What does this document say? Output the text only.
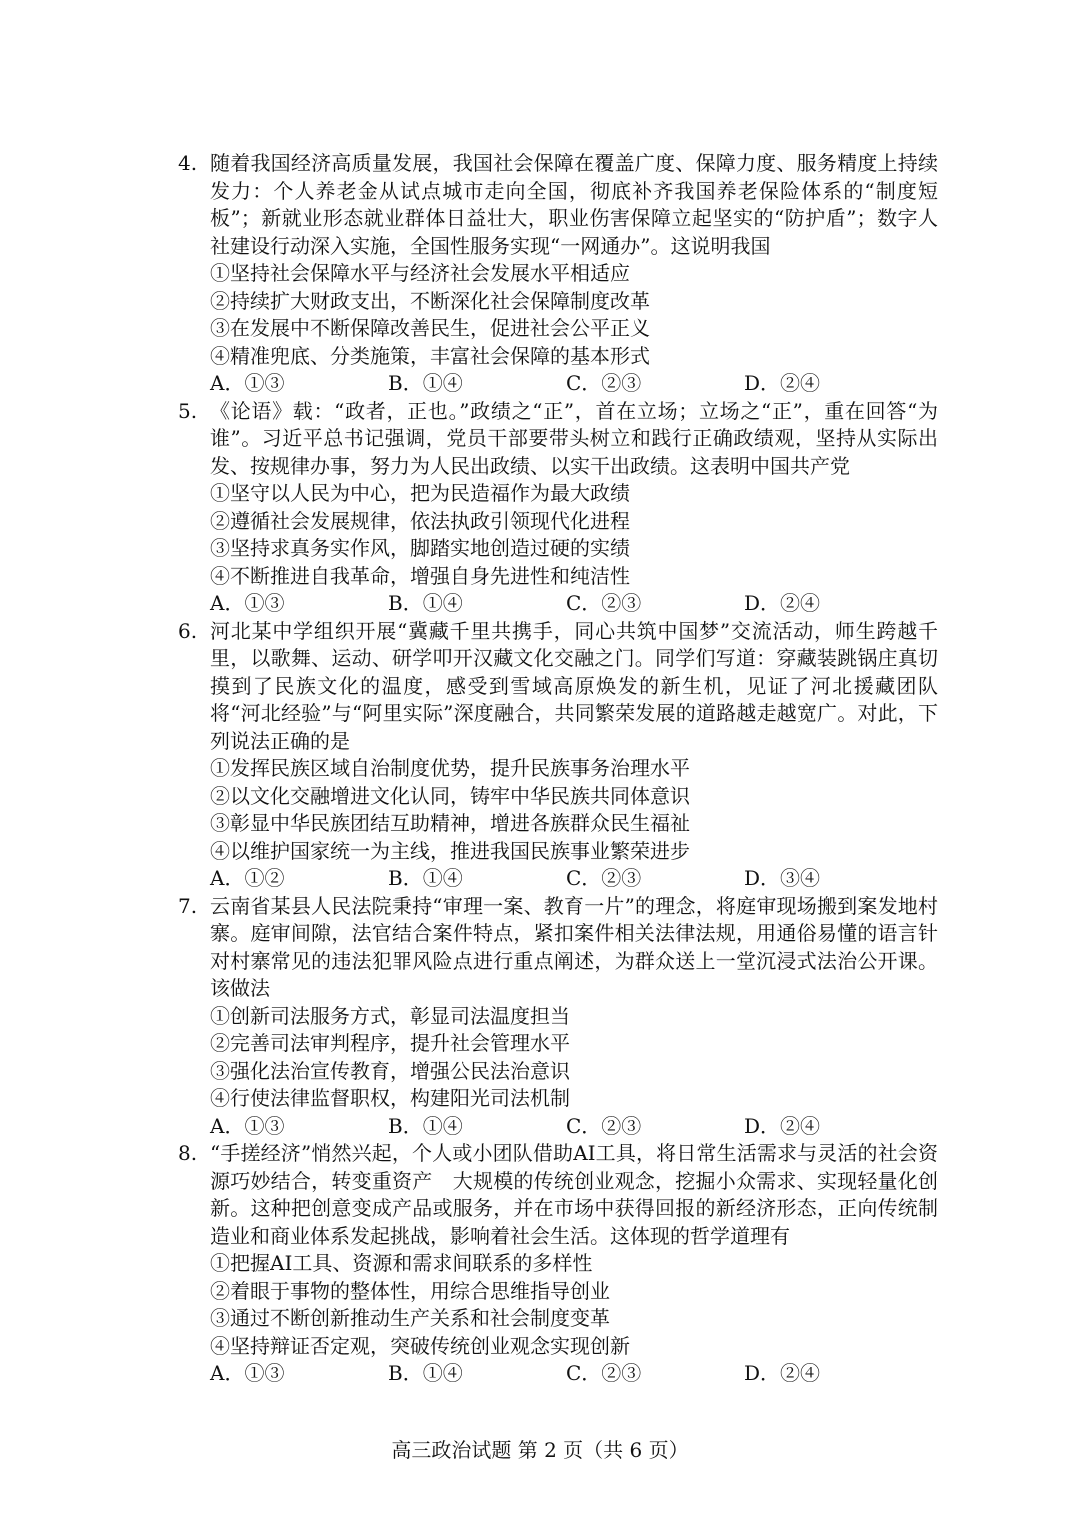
4. 随着我国经济高质量发展，我国社会保障在覆盖广度、保障力度、服务精度上持续发力：个人养老金从试点城市走向全国，彻底补齐我国养老保险体系的“制度短板”；新就业形态就业群体日益壮大，职业伤害保障立起坚实的“防护盾”；数字人社建设行动深入实施，全国性服务实现“一网通办”。这说明我国

①坚持社会保障水平与经济社会发展水平相适应

②持续扩大财政支出，不断深化社会保障制度改革

③在发展中不断保障改善民生，促进社会公平正义

④精准兜底、分类施策，丰富社会保障的基本形式

A．①③	B．①④	C．②③	D．②④
5. 《论语》载：“政者，正也。”政绩之“正”，首在立场；立场之“正”，重在回答“为谁”。习近平总书记强调，党员干部要带头树立和践行正确政绩观，坚持从实际出发、按规律办事，努力为人民出政绩、以实干出政绩。这表明中国共产党

①坚守以人民为中心，把为民造福作为最大政绩

②遵循社会发展规律，依法执政引领现代化进程

③坚持求真务实作风，脚踏实地创造过硬的实绩

④不断推进自我革命，增强自身先进性和纯洁性

A．①③	B．①④	C．②③	D．②④
6. 河北某中学组织开展“冀藏千里共携手，同心共筑中国梦”交流活动，师生跨越千里，以歌舞、运动、研学叩开汉藏文化交融之门。同学们写道：穿藏装跳锅庄真切摸到了民族文化的温度，感受到雪域高原焕发的新生机，见证了河北援藏团队将“河北经验”与“阿里实际”深度融合，共同繁荣发展的道路越走越宽广。对此，下列说法正确的是

①发挥民族区域自治制度优势，提升民族事务治理水平

②以文化交融增进文化认同，铸牢中华民族共同体意识

③彰显中华民族团结互助精神，增进各族群众民生福祉

④以维护国家统一为主线，推进我国民族事业繁荣进步

A．①②	B．①④	C．②③	D．③④
7. 云南省某县人民法院秉持“审理一案、教育一片”的理念，将庭审现场搬到案发地村寨。庭审间隙，法官结合案件特点，紧扣案件相关法律法规，用通俗易懂的语言针对村寨常见的违法犯罪风险点进行重点阐述，为群众送上一堂沉浸式法治公开课。该做法

①创新司法服务方式，彰显司法温度担当

②完善司法审判程序，提升社会管理水平

③强化法治宣传教育，增强公民法治意识

④行使法律监督职权，构建阳光司法机制

A．①③	B．①④	C．②③	D．②④
8. “手搓经济”悄然兴起，个人或小团队借助AI工具，将日常生活需求与灵活的社会资源巧妙结合，转变重资产　大规模的传统创业观念，挖掘小众需求、实现轻量化创新。这种把创意变成产品或服务，并在市场中获得回报的新经济形态，正向传统制造业和商业体系发起挑战，影响着社会生活。这体现的哲学道理有

①把握AI工具、资源和需求间联系的多样性

②着眼于事物的整体性，用综合思维指导创业

③通过不断创新推动生产关系和社会制度变革

④坚持辩证否定观，突破传统创业观念实现创新

A．①③	B．①④	C．②③	D．②④
高三政治试题 第 2 页（共 6 页）
